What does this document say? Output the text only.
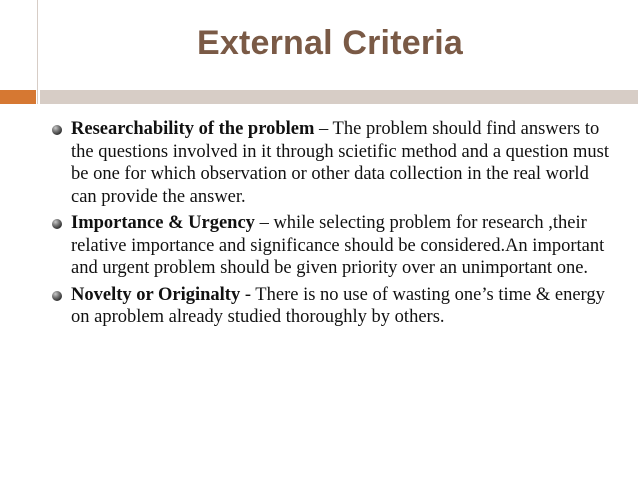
External Criteria
Researchability of the problem – The problem should find answers to the questions involved in it through scietific method and a question must be one for which observation or other data collection in the real world can provide the answer.
Importance & Urgency – while selecting problem for research ,their relative importance and significance should be considered.An important and urgent problem should be given priority over an unimportant one.
Novelty or Originalty - There is no use of wasting one’s time & energy on aproblem already studied thoroughly by others.
